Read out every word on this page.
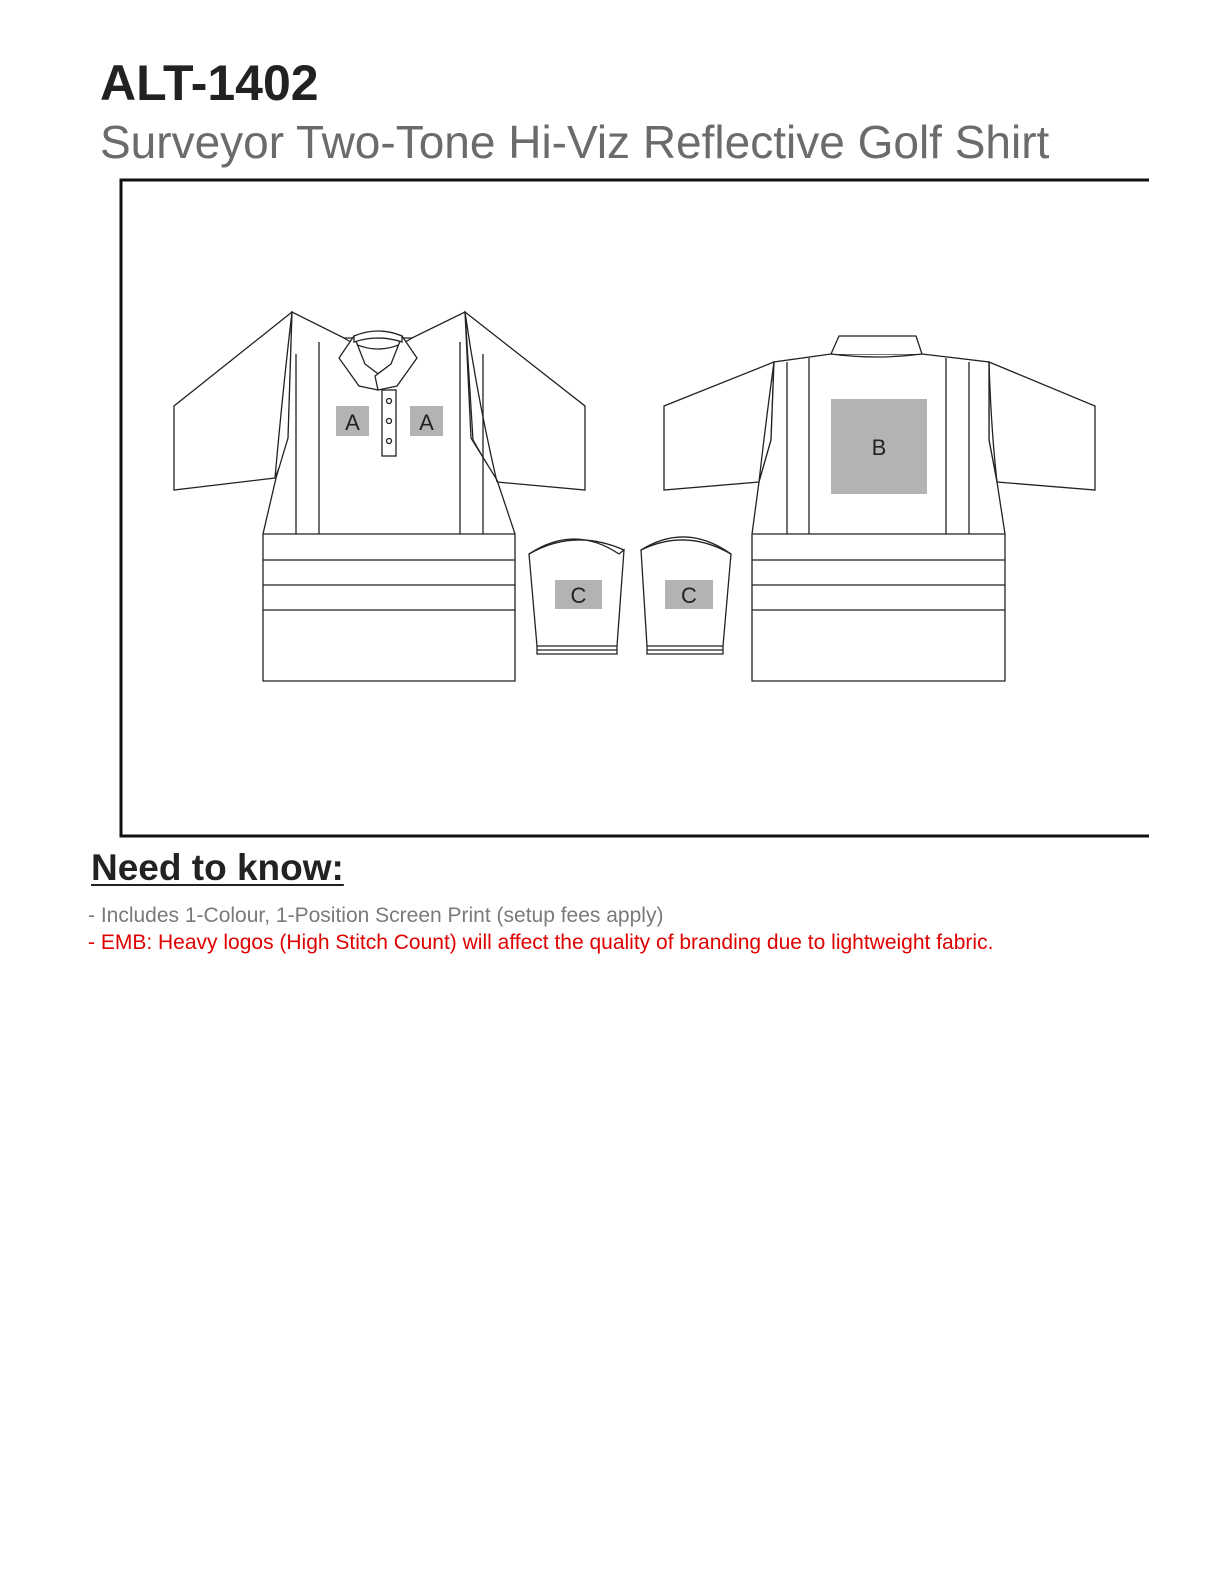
ALT-1402
Surveyor Two-Tone Hi-Viz Reflective Golf Shirt
A	A
C	C
B
Need to know:
- Includes 1-Colour, 1-Position Screen Print (setup fees apply)
- EMB: Heavy logos (High Stitch Count) will affect the quality of branding due to lightweight fabric.
